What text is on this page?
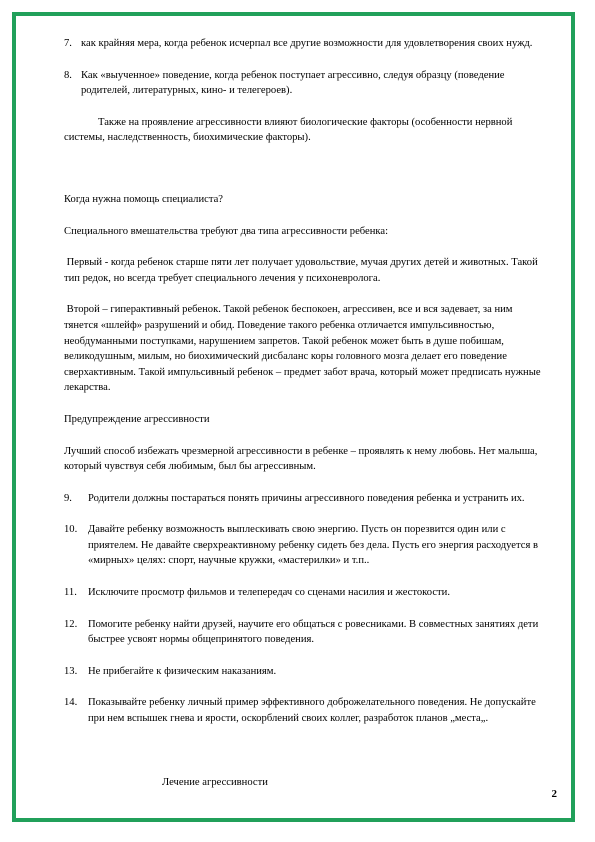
7. как крайняя мера, когда ребенок исчерпал все другие возможности для удовлетворения своих нужд.
8. Как «выученное» поведение, когда ребенок поступает агрессивно, следуя образцу (поведение родителей, литературных, кино- и телегероев).

Также на проявление агрессивности влияют биологические факторы (особенности нервной системы, наследственность, биохимические факторы).

Когда нужна помощь специалиста?

Специального вмешательства требуют два типа агрессивности ребенка:

Первый - когда ребенок старше пяти лет получает удовольствие, мучая других детей и животных. Такой тип редок, но всегда требует специального лечения у психоневролога.

Второй – гиперактивный ребенок. Такой ребенок беспокоен, агрессивен, все и вся задевает, за ним тянется «шлейф» разрушений и обид. Поведение такого ребенка отличается импульсивностью, необдуманными поступками, нарушением запретов. Такой ребенок может быть в душе побишам, великодушным, милым, но биохимический дисбаланс коры головного мозга делает его поведение сверхактивным. Такой импульсивный ребенок – предмет забот врача, который может предписать нужные лекарства.

Предупреждение агрессивности

Лучший способ избежать чрезмерной агрессивности в ребенке – проявлять к нему любовь. Нет малыша, который чувствуя себя любимым, был бы агрессивным.

9. Родители должны постараться понять причины агрессивного поведения ребенка и устранить их.
10. Давайте ребенку возможность выплескивать свою энергию. Пусть он порезвится один или с приятелем. Не давайте сверхреактивному ребенку сидеть без дела. Пусть его энергия расходуется в «мирных» целях: спорт, научные кружки, «мастерилки» и т.п..
11. Исключите просмотр фильмов и телепередач со сценами насилия и жестокости.
12. Помогите ребенку найти друзей, научите его общаться с ровесниками. В совместных занятиях дети быстрее усвоят нормы общепринятого поведения.
13. Не прибегайте к физическим наказаниям.
14. Показывайте ребенку личный пример эффективного доброжелательного поведения. Не допускайте при нем вспышек гнева и ярости, оскорблений своих коллег, разработок планов „места„.

Лечение агрессивности

2
